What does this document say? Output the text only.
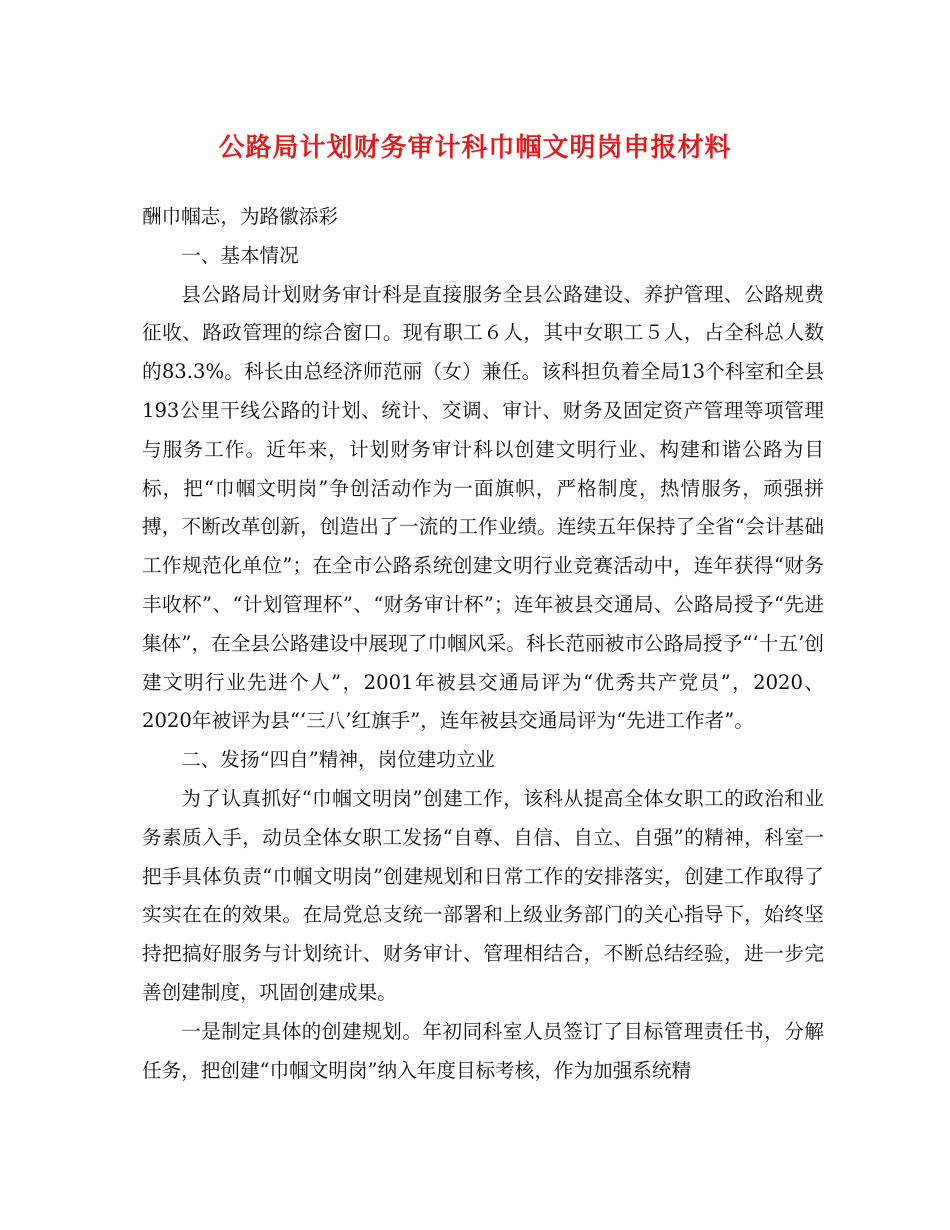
公路局计划财务审计科巾帼文明岗申报材料

酬巾帼志，为路徽添彩

一、基本情况

县公路局计划财务审计科是直接服务全县公路建设、养护管理、公路规费征收、路政管理的综合窗口。现有职工６人，其中女职工５人，占全科总人数的83.3%。科长由总经济师范丽（女）兼任。该科担负着全局13个科室和全县193公里干线公路的计划、统计、交调、审计、财务及固定资产管理等项管理与服务工作。近年来，计划财务审计科以创建文明行业、构建和谐公路为目标，把“巾帼文明岗”争创活动作为一面旗帜，严格制度，热情服务，顽强拼搏，不断改革创新，创造出了一流的工作业绩。连续五年保持了全省“会计基础工作规范化单位”；在全市公路系统创建文明行业竞赛活动中，连年获得“财务丰收杯”、“计划管理杯”、“财务审计杯”；连年被县交通局、公路局授予“先进集体”，在全县公路建设中展现了巾帼风采。科长范丽被市公路局授予“‘十五’创建文明行业先进个人”，2001年被县交通局评为“优秀共产党员”，2020、2020年被评为县“‘三八’红旗手”，连年被县交通局评为“先进工作者”。

二、发扬“四自”精神，岗位建功立业

为了认真抓好“巾帼文明岗”创建工作，该科从提高全体女职工的政治和业务素质入手，动员全体女职工发扬“自尊、自信、自立、自强”的精神，科室一把手具体负责“巾帼文明岗”创建规划和日常工作的安排落实，创建工作取得了实实在在的效果。在局党总支统一部署和上级业务部门的关心指导下，始终坚持把搞好服务与计划统计、财务审计、管理相结合，不断总结经验，进一步完善创建制度，巩固创建成果。

一是制定具体的创建规划。年初同科室人员签订了目标管理责任书，分解任务，把创建“巾帼文明岗”纳入年度目标考核，作为加强系统精
